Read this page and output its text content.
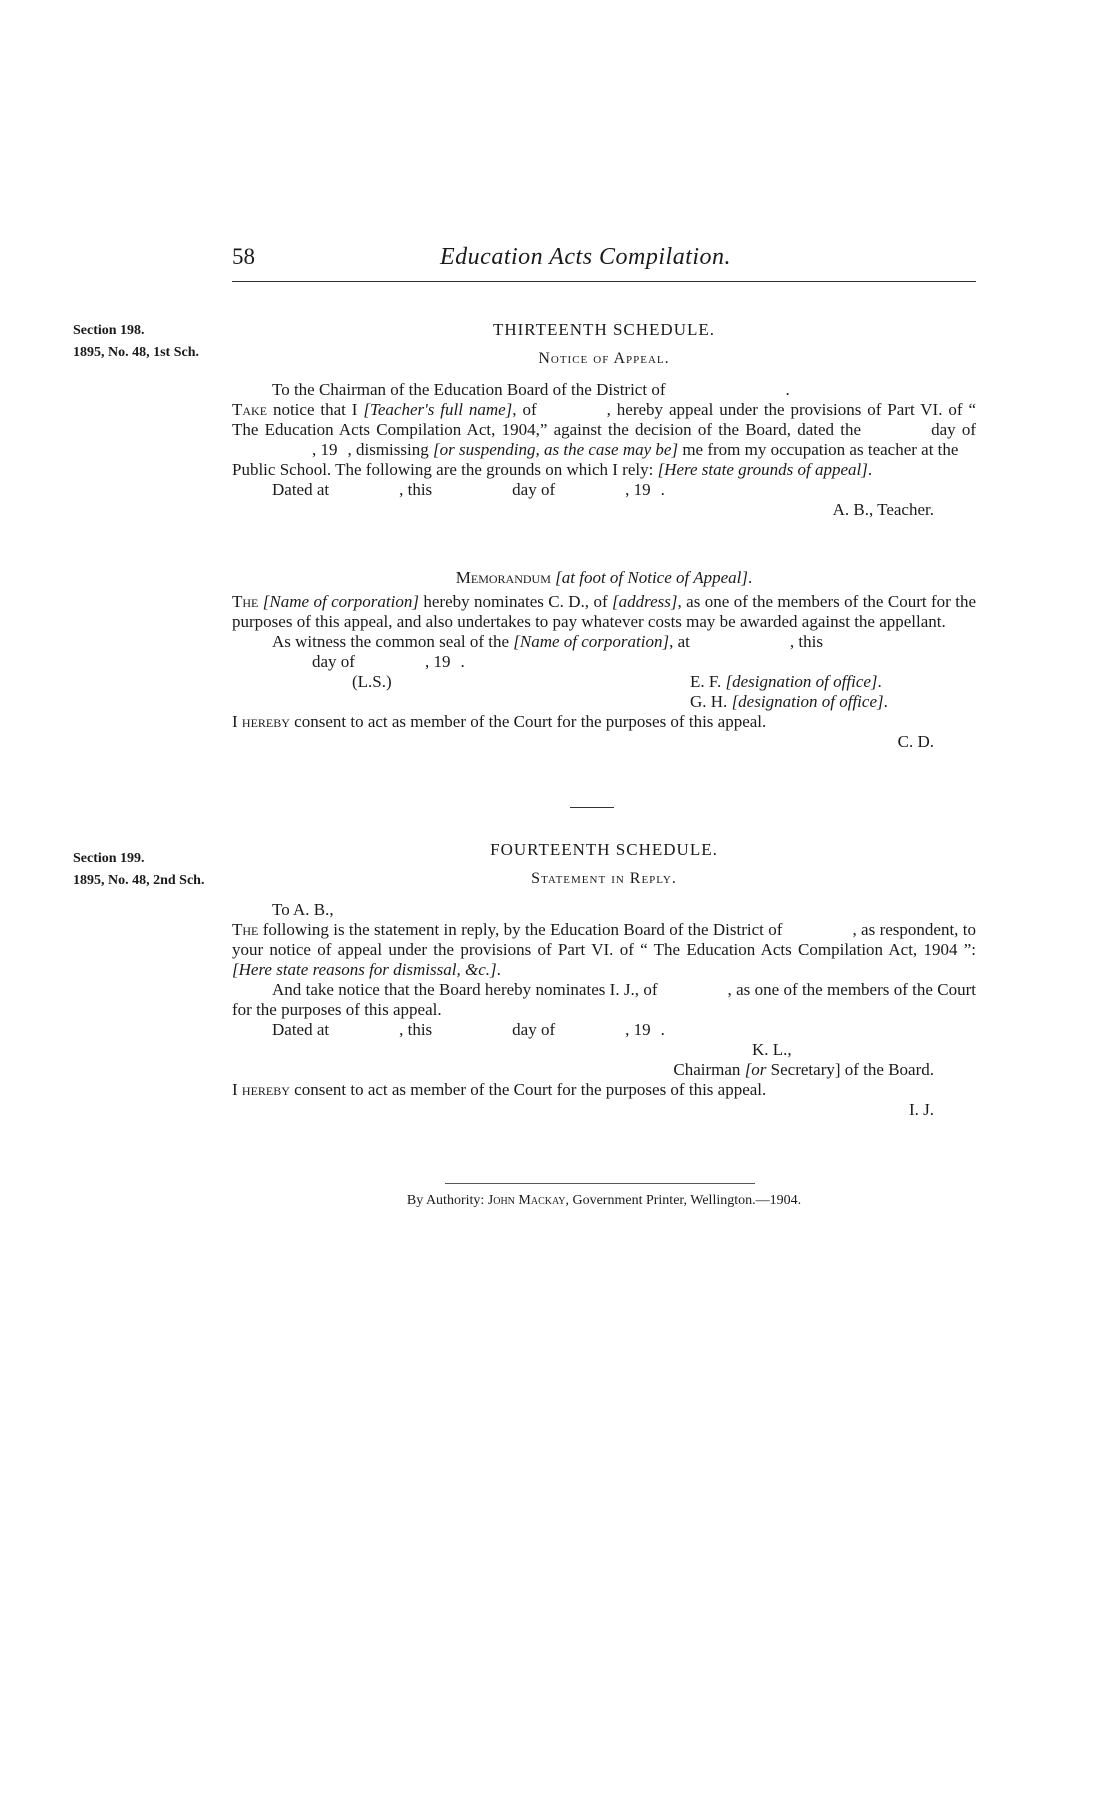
58	Education Acts Compilation.
Section 198.
1895, No. 48, 1st Sch.
THIRTEENTH SCHEDULE.
Notice of Appeal.

To the Chairman of the Education Board of the District of	.

Take notice that I [Teacher's full name], of	, hereby appeal under the provisions of Part VI. of “ The Education Acts Compilation Act, 1904,” against the decision of the Board, dated the	day of, 19 , dismissing [or suspending, as the case may be] me from my occupation as teacher at the
Public School. The following are the grounds on which I rely: [Here state grounds of appeal].

Dated at	, this	day of	, 19 .

A. B., Teacher.

Memorandum [at foot of Notice of Appeal].

The [Name of corporation] hereby nominates C. D., of [address], as one of the members of the Court for the purposes of this appeal, and also undertakes to pay whatever costs may be awarded against the appellant.

As witness the common seal of the [Name of corporation], at	, this

day of	, 19 .

(L.S.)	E. F. [designation of office].
G. H. [designation of office].

I hereby consent to act as member of the Court for the purposes of this appeal.

C. D.

Section 199.
1895, No. 48, 2nd Sch.
FOURTEENTH SCHEDULE.
Statement in Reply.

To A. B.,

The following is the statement in reply, by the Education Board of the District of	, as respondent, to your notice of appeal under the provisions of Part VI. of “ The Education Acts Compilation Act, 1904 ”: [Here state reasons for dismissal, &c.].

And take notice that the Board hereby nominates I. J., of	, as one of the members of the Court for the purposes of this appeal.

Dated at	, this	day of	, 19 .

K. L.,

Chairman [or Secretary] of the Board.

I hereby consent to act as member of the Court for the purposes of this appeal.

I. J.

By Authority: John Mackay, Government Printer, Wellington.—1904.
